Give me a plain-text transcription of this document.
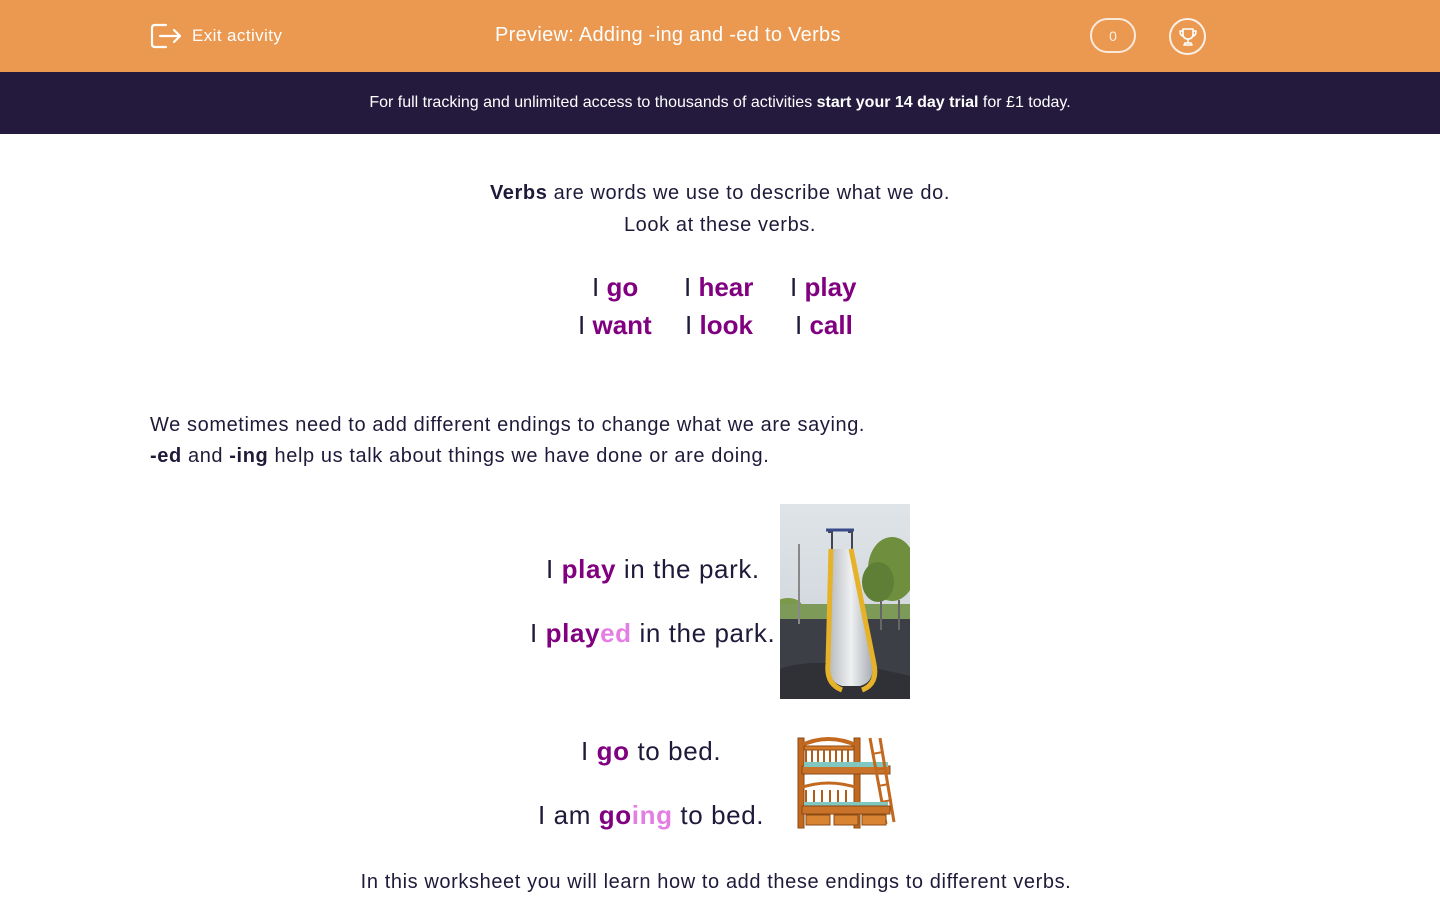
Exit activity	Preview: Adding -ing and -ed to Verbs	0
For full tracking and unlimited access to thousands of activities start your 14 day trial for £1 today.
Verbs are words we use to describe what we do.
Look at these verbs.
I go I hear I play
I want I look I call
We sometimes need to add different endings to change what we are saying.
-ed and -ing help us talk about things we have done or are doing.
I play in the park.
I played in the park.
I go to bed.
I am going to bed.
In this worksheet you will learn how to add these endings to different verbs.
